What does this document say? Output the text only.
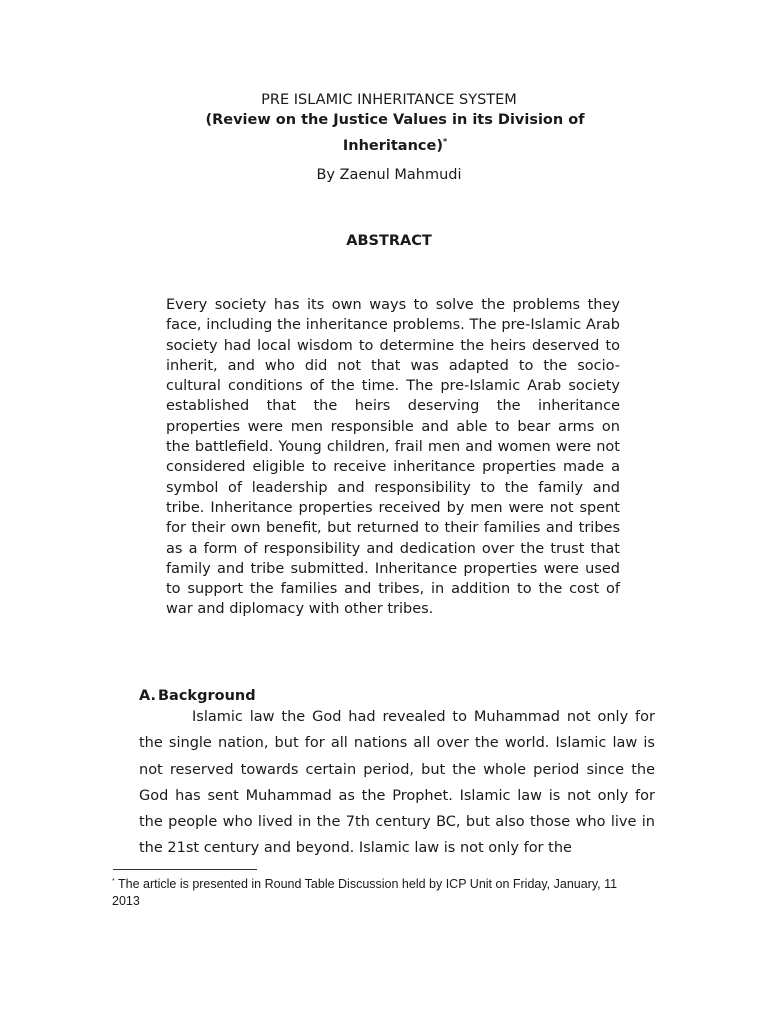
PRE ISLAMIC INHERITANCE SYSTEM
(Review on the Justice Values in its Division of Inheritance)*
By Zaenul Mahmudi
ABSTRACT
Every society has its own ways to solve the problems they face, including the inheritance problems. The pre-Islamic Arab society had local wisdom to determine the heirs deserved to inherit, and who did not that was adapted to the socio-cultural conditions of the time. The pre-Islamic Arab society established that the heirs deserving the inheritance properties were men responsible and able to bear arms on the battlefield. Young children, frail men and women were not considered eligible to receive inheritance properties made a symbol of leadership and responsibility to the family and tribe. Inheritance properties received by men were not spent for their own benefit, but returned to their families and tribes as a form of responsibility and dedication over the trust that family and tribe submitted. Inheritance properties were used to support the families and tribes, in addition to the cost of war and diplomacy with other tribes.
A. Background
Islamic law the God had revealed to Muhammad not only for the single nation, but for all nations all over the world. Islamic law is not reserved towards certain period, but the whole period since the God has sent Muhammad as the Prophet. Islamic law is not only for the people who lived in the 7th century BC, but also those who live in the 21st century and beyond. Islamic law is not only for the
* The article is presented in Round Table Discussion held by ICP Unit on Friday, January, 11 2013
